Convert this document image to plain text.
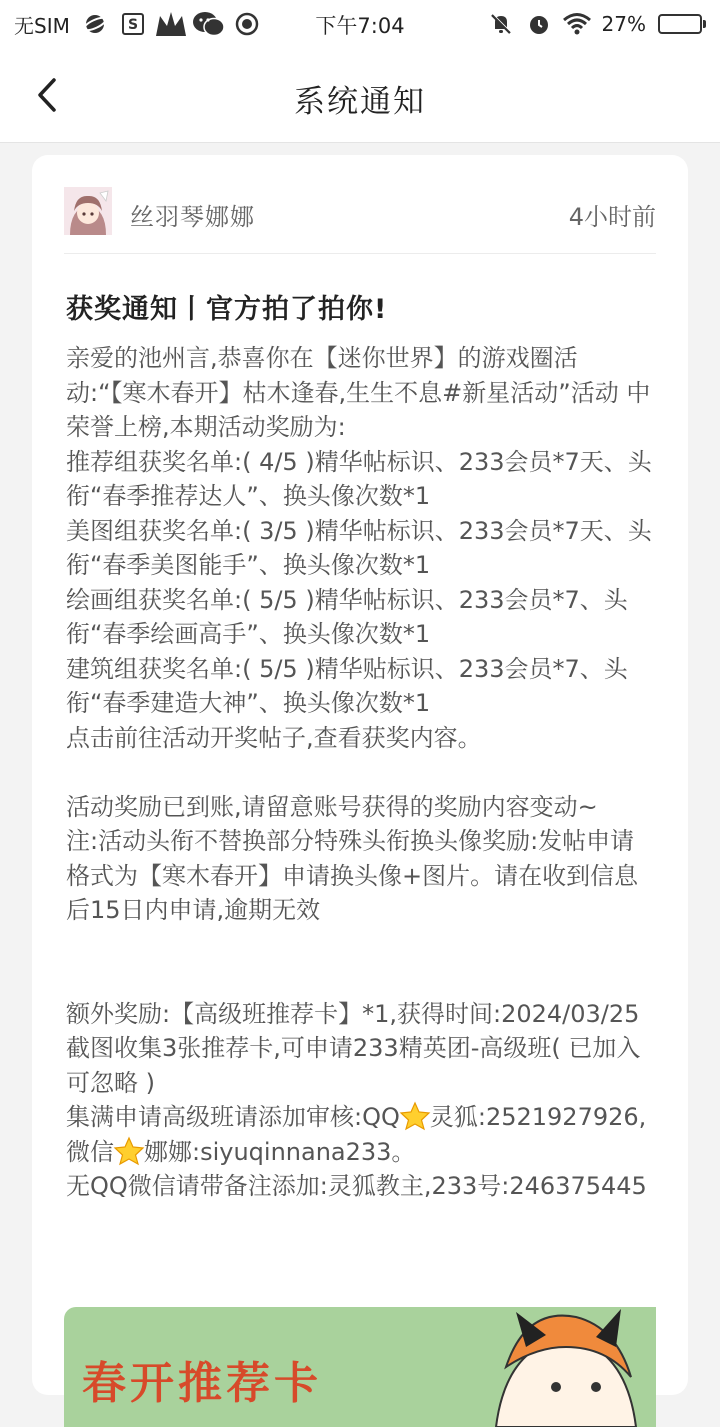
无SIM	S	下午7:04	27%
系统通知
丝羽琴娜娜	4小时前
获奖通知丨官方拍了拍你!

亲爱的池州言,恭喜你在【迷你世界】的游戏圈活动:“【寒木春开】枯木逢春,生生不息#新星活动”活动 中荣誉上榜,本期活动奖励为:

推荐组获奖名单:( 4/5 )精华帖标识、233会员*7天、头衔“春季推荐达人”、换头像次数*1

美图组获奖名单:( 3/5 )精华帖标识、233会员*7天、头衔“春季美图能手”、换头像次数*1

绘画组获奖名单:( 5/5 )精华帖标识、233会员*7、头衔“春季绘画高手”、换头像次数*1

建筑组获奖名单:( 5/5 )精华贴标识、233会员*7、头衔“春季建造大神”、换头像次数*1

点击前往活动开奖帖子,查看获奖内容。

活动奖励已到账,请留意账号获得的奖励内容变动~

注:活动头衔不替换部分特殊头衔换头像奖励:发帖申请格式为【寒木春开】申请换头像+图片。请在收到信息后15日内申请,逾期无效

额外奖励:【高级班推荐卡】*1,获得时间:2024/03/25

截图收集3张推荐卡,可申请233精英团-高级班( 已加入可忽略 )

集满申请高级班请添加审核:QQ 灵狐:2521927926,微信 娜娜:siyuqinnana233。

无QQ微信请带备注添加:灵狐教主,233号:246375445

春开推荐卡
